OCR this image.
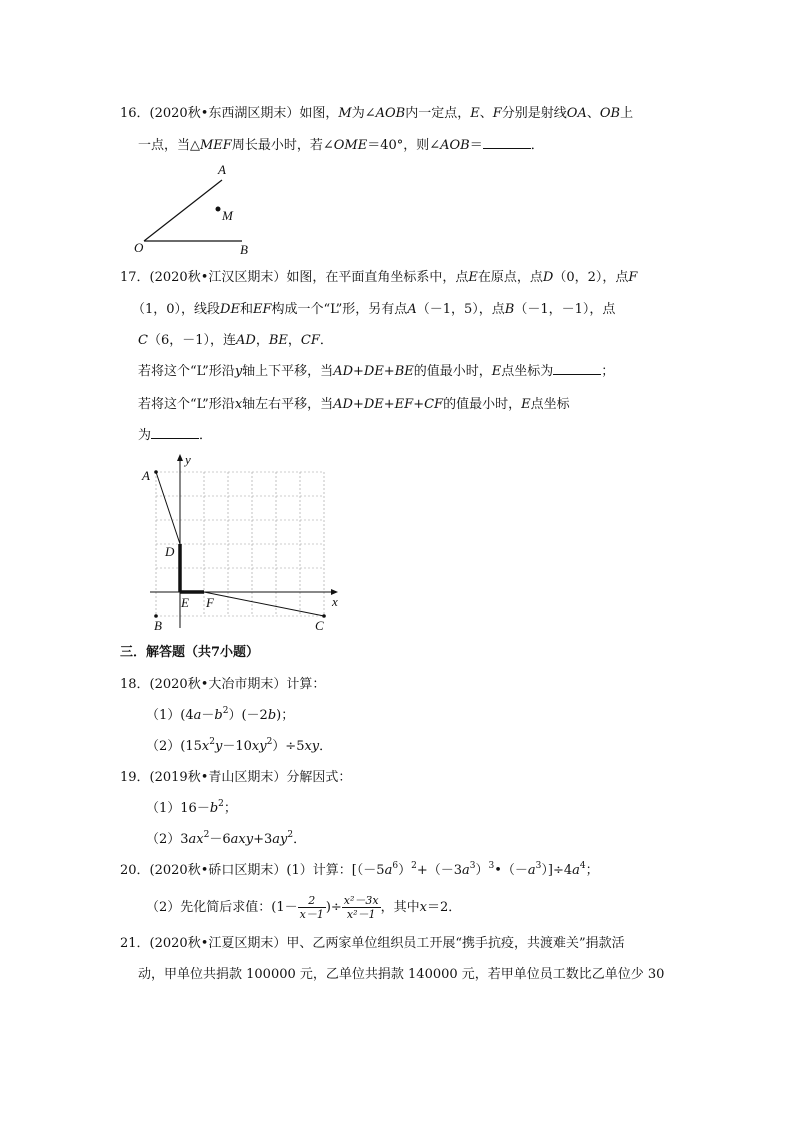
16．(2020秋•东西湖区期末）如图，M为∠AOB内一定点，E、F分别是射线OA、OB上
一点，当△MEF周长最小时，若∠OME＝40°，则∠AOB＝	．
A
M
O	B
17．(2020秋•江汉区期末）如图，在平面直角坐标系中，点E在原点，点D（0，2），点F
（1，0），线段DE和EF构成一个“L”形，另有点A（－1，5），点B（－1，－1），点
C（6，－1），连AD，BE，CF．
若将这个“L”形沿y轴上下平移，当AD+DE+BE的值最小时，E点坐标为	；
若将这个“L”形沿x轴左右平移，当AD+DE+EF+CF的值最小时，E点坐标
为	．
y
x
A
D
E F
B	C
三．解答题（共7小题）
18．(2020秋•大冶市期末）计算：
$(1)(4a-b^2)(-2b)$；
$(2)(15x^2y-10xy^2)\div 5xy$．
19．(2019秋•青山区期末）分解因式：
$(1)16-b^2$；
$(2)3ax^2-6axy+3ay^2$．
20．(2020秋•硚口区期末）(1）计算：$[(-5a^6)^2+(-3a^3)^3•(-a^3)]\div 4a^4$；
（2）先化简后求值：($1- \frac{2}{x-1}$ )÷ $\frac{\text{x²－3x}}{\text{x²－1}}$ ，其中x＝2．
21．(2020秋•江夏区期末）甲、乙两家单位组织员工开展“携手抗疫，共渡难关”捐款活
动，甲单位共捐款 100000 元，乙单位共捐款 140000 元，若甲单位员工数比乙单位少 30
